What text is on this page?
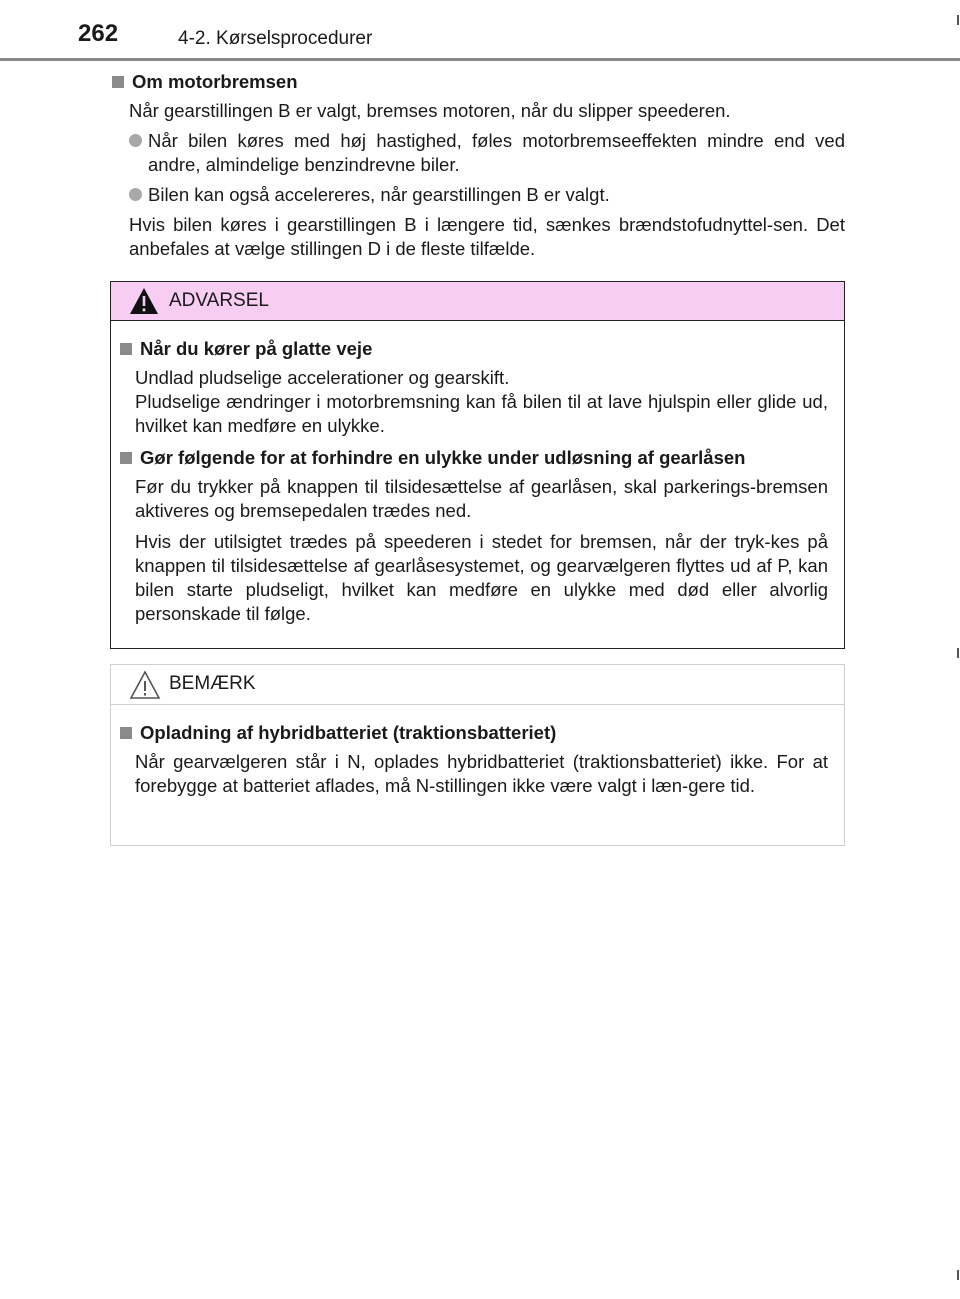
262	4-2. Kørselsprocedurer
Om motorbremsen
Når gearstillingen B er valgt, bremses motoren, når du slipper speederen.
Når bilen køres med høj hastighed, føles motorbremseeffekten mindre end ved andre, almindelige benzindrevne biler.
Bilen kan også accelereres, når gearstillingen B er valgt.
Hvis bilen køres i gearstillingen B i længere tid, sænkes brændstofudnyttel-sen. Det anbefales at vælge stillingen D i de fleste tilfælde.
ADVARSEL
Når du kører på glatte veje
Undlad pludselige accelerationer og gearskift.
Pludselige ændringer i motorbremsning kan få bilen til at lave hjulspin eller glide ud, hvilket kan medføre en ulykke.
Gør følgende for at forhindre en ulykke under udløsning af gearlåsen
Før du trykker på knappen til tilsidesættelse af gearlåsen, skal parkerings-bremsen aktiveres og bremsepedalen trædes ned.
Hvis der utilsigtet trædes på speederen i stedet for bremsen, når der tryk-kes på knappen til tilsidesættelse af gearlåsesystemet, og gearvælgeren flyttes ud af P, kan bilen starte pludseligt, hvilket kan medføre en ulykke med død eller alvorlig personskade til følge.
BEMÆRK
Opladning af hybridbatteriet (traktionsbatteriet)
Når gearvælgeren står i N, oplades hybridbatteriet (traktionsbatteriet) ikke. For at forebygge at batteriet aflades, må N-stillingen ikke være valgt i læn-gere tid.
